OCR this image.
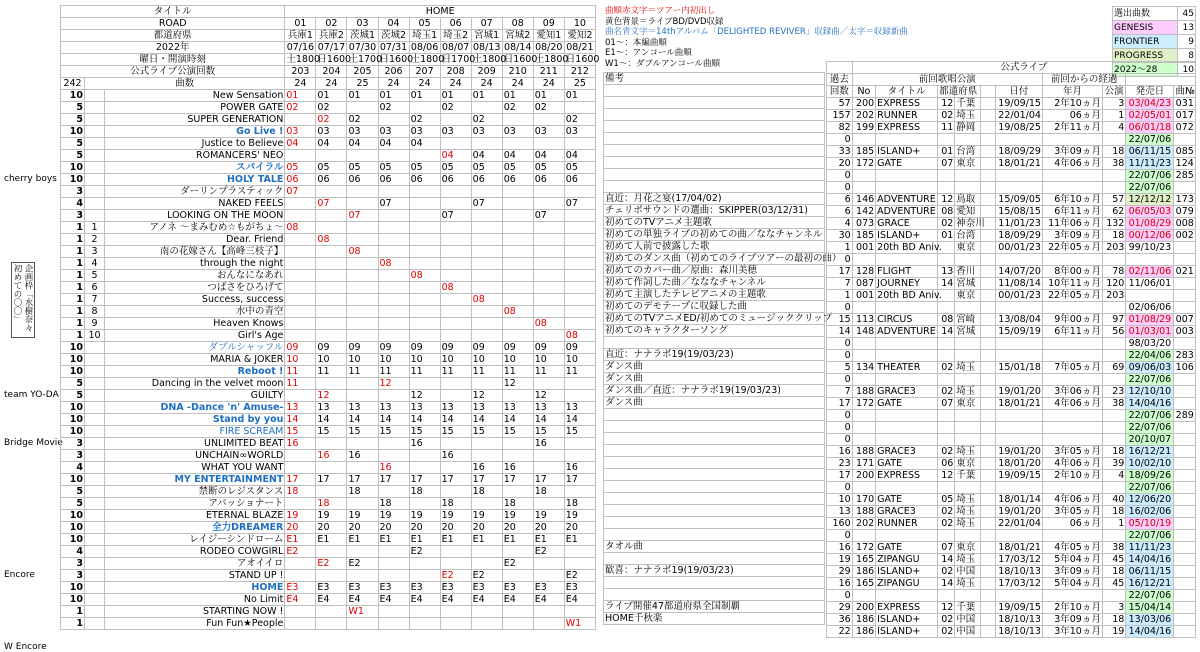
cherry boys
team YO-DA
Bridge Movie
Encore
W Encore
企画枠「水樹奈々 初めての〇〇」
曲順赤文字＝ツアー内初出し
黄色背景＝ライブBD/DVD収録
曲名青文字＝14thアルバム「DELIGHTED REVIVER」収録曲／太字＝収録新曲
01～：本編曲順
E1～：アンコール曲順
W1～：ダブルアンコール曲順
選出曲数	45
GENESIS	13
FRONTIER	9
PROGRESS	8
2022～28	10
タイトル			HOME									
ROAD			01	02	03	04	05	06	07	08	09	10
都道府県			兵庫1	兵庫2	茨城1	茨城2	埼玉1	埼玉2	宮城1	宮城2	愛知1	愛知2
2022年			07/16	07/17	07/30	07/31	08/06	08/07	08/13	08/14	08/20	08/21
曜日・開演時刻			土1800	日1600	土1700	日1600	土1800	日1700	土1800	日1600	土1800	日1600
公式ライブ公演回数			203	204	205	206	207	208	209	210	211	212
242	曲数		24	24	25	24	24	24	24	24	24	25
10		New Sensation	01	01	01	01	01	01	01	01	01	01
5		POWER GATE	02	02		02		02		02	02	
5		SUPER GENERATION		02	02		02		02			02
10		Go Live !	03	03	03	03	03	03	03	03	03	03
5		Justice to Believe	04	04	04	04	04					
5		ROMANCERS' NEO						04	04	04	04	04
10		スパイラル	05	05	05	05	05	05	05	05	05	05
10		HOLY TALE	06	06	06	06	06	06	06	06	06	06
3		ダーリンプラスティック	07									
4		NAKED FEELS		07		07			07			07
3		LOOKING ON THE MOON			07			07			07	
1	1	アノネ ～まみむめ☆もがちょ～	08									
1	2	Dear. Friend		08								
1	3	南の花嫁さん【高峰三枝子】			08							
1	4	through the night				08						
1	5	おんなになあれ					08					
1	6	つばさをひろげて						08				
1	7	Success, success							08			
1	8	水中の青空								08		
1	9	Heaven Knows									08	
1	10	Girl's Age										08
10		ダブルシャッフル	09	09	09	09	09	09	09	09	09	09
10		MARIA & JOKER	10	10	10	10	10	10	10	10	10	10
10		Reboot !	11	11	11	11	11	11	11	11	11	11
5		Dancing in the velvet moon	11			12				12		
5		GUILTY		12			12		12		12	
10		DNA -Dance 'n' Amuse-	13	13	13	13	13	13	13	13	13	13
10		Stand by you	14	14	14	14	14	14	14	14	14	14
10		FIRE SCREAM	15	15	15	15	15	15	15	15	15	15
3		UNLIMITED BEAT	16				16				16	
3		UNCHAIN∞WORLD		16	16			16				
4		WHAT YOU WANT				16			16	16		16
10		MY ENTERTAINMENT	17	17	17	17	17	17	17	17	17	17
5		禁断のレジスタンス	18		18		18		18		18	
5		アパッショナート		18		18		18		18		18
10		ETERNAL BLAZE	19	19	19	19	19	19	19	19	19	19
10		全力DREAMER	20	20	20	20	20	20	20	20	20	20
10		レイジーシンドローム	E1	E1	E1	E1	E1	E1	E1	E1	E1	E1
4		RODEO COWGIRL	E2				E2				E2	
3		アオイイロ		E2	E2					E2		
3		STAND UP !						E2	E2			E2
10		HOME	E3	E3	E3	E3	E3	E3	E3	E3	E3	E3
10		No Limit	E4	E4	E4	E4	E4	E4	E4	E4	E4	E4
1		STARTING NOW !			W1							
1		Fun Fun★People										W1
備考

直近：月花之宴(17/04/02)
チェリボサウンドの選曲：SKIPPER(03/12/31)
初めてのTVアニメ主題歌
初めての単独ライブの初めての曲／ななチャンネル
初めて人前で披露した歌
初めてのダンス曲（初めてのライブツアーの最初の曲）
初めてのカバー曲／原曲：森川美穂
初めて作詞した曲／なななチャンネル
初めて主演したテレビアニメの主題歌
初めてのデモテープに収録した曲
初めてのTVアニメED/初めてのミュージッククリップ
初めてのキャラクターソング

直近：ナナラボ19(19/03/23)
ダンス曲
ダンス曲
ダンス曲／直近：ナナラボ19(19/03/23)
ダンス曲

タオル曲

歓喜：ナナラボ19(19/03/23)

ライブ開催47都道府県全国制覇
HOME千秋楽
	公式ライブ									
過去	前回歌唱公演						前回からの経過			
回数	No	タイトル	都道府県			日付	年月	公演	発売日	曲№
57	200	EXPRESS	12	千葉		19/09/15	2年10ヵ月	3	03/04/23	031
157	202	RUNNER	02	埼玉		22/01/04	06ヵ月	1	02/05/01	017
82	199	EXPRESS	11	静岡		19/08/25	2年11ヵ月	4	06/01/18	072
0									22/07/06	
33	185	ISLAND+	01	台湾		18/09/29	3年09ヵ月	18	06/11/15	085
20	172	GATE	07	東京		18/01/21	4年06ヵ月	38	11/11/23	124
0									22/07/06	285
0									22/07/06	
6	146	ADVENTURE	12	鳥取		15/09/05	6年10ヵ月	57	12/12/12	173
6	142	ADVENTURE	08	愛知		15/08/15	6年11ヵ月	62	06/05/03	079
4	073	GRACE	02	神奈川		11/01/23	11年06ヵ月	132	01/08/29	008
30	185	ISLAND+	01	台湾		18/09/29	3年09ヵ月	18	00/12/06	002
1	001	20th BD Aniv.		東京		00/01/23	22年05ヵ月	203	99/10/23	
0										
17	128	FLIGHT	13	香川		14/07/20	8年00ヵ月	78	02/11/06	021
7	087	JOURNEY	14	宮城		11/08/14	10年11ヵ月	120	11/06/01	
1	001	20th BD Aniv.		東京		00/01/23	22年05ヵ月	203		
0									02/06/06	
15	113	CIRCUS	08	宮崎		13/08/04	9年00ヵ月	97	01/08/29	007
14	148	ADVENTURE	14	宮城		15/09/19	6年11ヵ月	56	01/03/01	003
0									98/03/20	
0									22/04/06	283
5	134	THEATER	02	埼玉		15/01/18	7年05ヵ月	69	09/06/03	106
0									22/07/06	
7	188	GRACE3	02	埼玉		19/01/20	3年06ヵ月	23	12/10/10	
17	172	GATE	07	東京		18/01/21	4年06ヵ月	38	14/04/16	
0									22/07/06	289
0									22/07/06	
0									20/10/07	
16	188	GRACE3	02	埼玉		19/01/20	3年05ヵ月	18	16/12/21	
23	171	GATE	06	東京		18/01/20	4年06ヵ月	39	10/02/10	
17	200	EXPRESS	12	千葉		19/09/15	2年10ヵ月	4	18/09/26	
0									22/07/06	
10	170	GATE	05	埼玉		18/01/14	4年06ヵ月	40	12/06/20	
13	188	GRACE3	02	埼玉		19/01/20	3年05ヵ月	18	16/02/06	
160	202	RUNNER	02	埼玉		22/01/04	06ヵ月	1	05/10/19	
0									22/07/06	
16	172	GATE	07	東京		18/01/21	4年05ヵ月	38	11/11/23	
19	165	ZIPANGU	14	埼玉		17/03/12	5年04ヵ月	45	14/04/16	
29	186	ISLAND+	02	中国		18/10/13	3年09ヵ月	18	06/11/15	
16	165	ZIPANGU	14	埼玉		17/03/12	5年04ヵ月	45	16/12/21	
0									22/07/06	
29	200	EXPRESS	12	千葉		19/09/15	2年10ヵ月	3	15/04/14	
36	186	ISLAND+	02	中国		18/10/13	3年09ヵ月	18	13/03/06	
22	186	ISLAND+	02	中国		18/10/13	3年10ヵ月	19	14/04/16	
